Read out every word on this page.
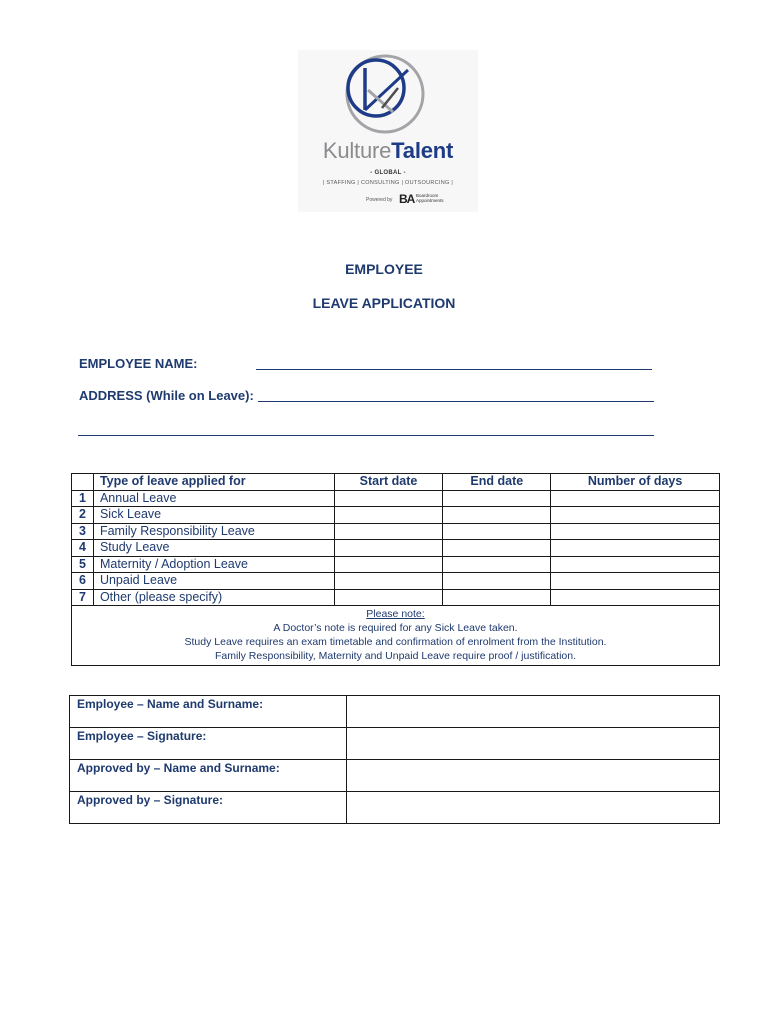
KultureTalent
- GLOBAL -
| STAFFING | CONSULTING | OUTSOURCING |
Powered by BA Boardroom
Appointments
EMPLOYEE
LEAVE APPLICATION
EMPLOYEE NAME:
ADDRESS (While on Leave):
	Type of leave applied for	Start date	End date	Number of days
1	Annual Leave			
2	Sick Leave			
3	Family Responsibility Leave			
4	Study Leave			
5	Maternity / Adoption Leave			
6	Unpaid Leave			
7	Other (please specify)			
Please note:
A Doctor’s note is required for any Sick Leave taken.
Study Leave requires an exam timetable and confirmation of enrolment from the Institution.
Family Responsibility, Maternity and Unpaid Leave require proof / justification.				
Employee – Name and Surname:	
Employee – Signature:	
Approved by – Name and Surname:	
Approved by – Signature:	
